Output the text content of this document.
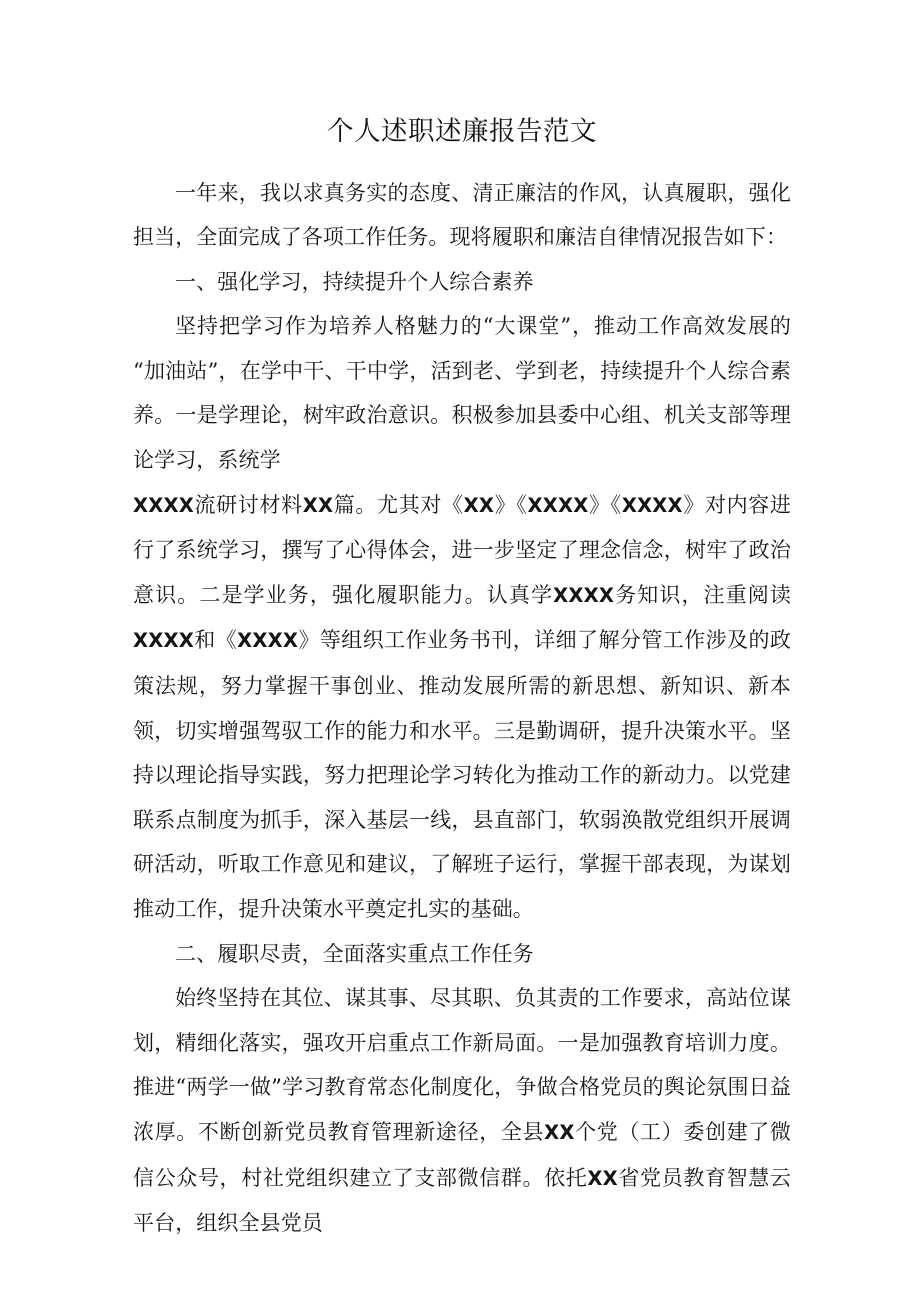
个人述职述廉报告范文

一年来，我以求真务实的态度、清正廉洁的作风，认真履职，强化担当，全面完成了各项工作任务。现将履职和廉洁自律情况报告如下：

一、强化学习，持续提升个人综合素养

坚持把学习作为培养人格魅力的“大课堂”，推动工作高效发展的“加油站”，在学中干、干中学，活到老、学到老，持续提升个人综合素养。一是学理论，树牢政治意识。积极参加县委中心组、机关支部等理论学习，系统学

XXXX流研讨材料XX篇。尤其对《XX》《XXXX》《XXXX》对内容进行了系统学习，撰写了心得体会，进一步坚定了理念信念，树牢了政治意识。二是学业务，强化履职能力。认真学XXXX务知识，注重阅读XXXX和《XXXX》等组织工作业务书刊，详细了解分管工作涉及的政策法规，努力掌握干事创业、推动发展所需的新思想、新知识、新本领，切实增强驾驭工作的能力和水平。三是勤调研，提升决策水平。坚持以理论指导实践，努力把理论学习转化为推动工作的新动力。以党建联系点制度为抓手，深入基层一线，县直部门，软弱涣散党组织开展调研活动，听取工作意见和建议，了解班子运行，掌握干部表现，为谋划推动工作，提升决策水平奠定扎实的基础。

二、履职尽责，全面落实重点工作任务

始终坚持在其位、谋其事、尽其职、负其责的工作要求，高站位谋划，精细化落实，强攻开启重点工作新局面。一是加强教育培训力度。推进“两学一做”学习教育常态化制度化，争做合格党员的舆论氛围日益浓厚。不断创新党员教育管理新途径，全县XX个党（工）委创建了微信公众号，村社党组织建立了支部微信群。依托XX省党员教育智慧云平台，组织全县党员
